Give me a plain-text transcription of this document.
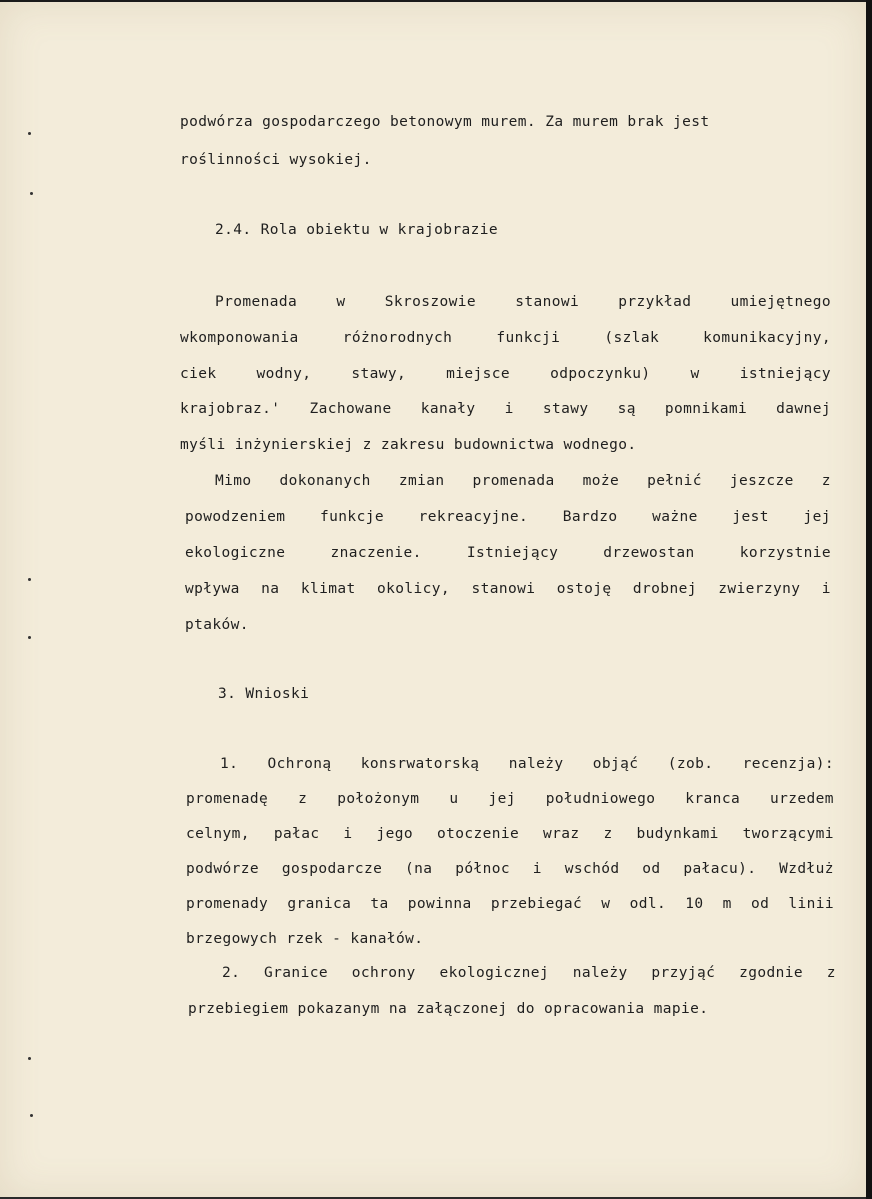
podwórza gospodarczego betonowym murem. Za murem brak jest
roślinności wysokiej.
2.4. Rola obiektu w krajobrazie
Promenada	w	Skroszowie	stanowi	przykład	umiejętnego
wkomponowania	różnorodnych	funkcji	(szlak	komunikacyjny,
ciek	wodny,	stawy,	miejsce	odpoczynku)	w	istniejący
krajobraz.' Zachowane kanały i stawy są pomnikami dawnej
myśli inżynierskiej z zakresu budownictwa wodnego.
Mimo dokonanych zmian promenada może pełnić jeszcze z
powodzeniem funkcje rekreacyjne. Bardzo ważne jest jej
ekologiczne	znaczenie.	Istniejący	drzewostan	korzystnie
wpływa na klimat okolicy, stanowi ostoję drobnej zwierzyny i
ptaków.
3. Wnioski
1. Ochroną konsrwatorską należy objąć (zob. recenzja):
promenadę z położonym u jej południowego kranca urzedem
celnym, pałac i jego otoczenie wraz z budynkami tworzącymi
podwórze gospodarcze (na północ i wschód od pałacu). Wzdłuż
promenady granica ta powinna przebiegać w odl. 10 m od linii
brzegowych rzek - kanałów.
2. Granice ochrony ekologicznej należy przyjąć zgodnie z
przebiegiem pokazanym na załączonej do opracowania mapie.
